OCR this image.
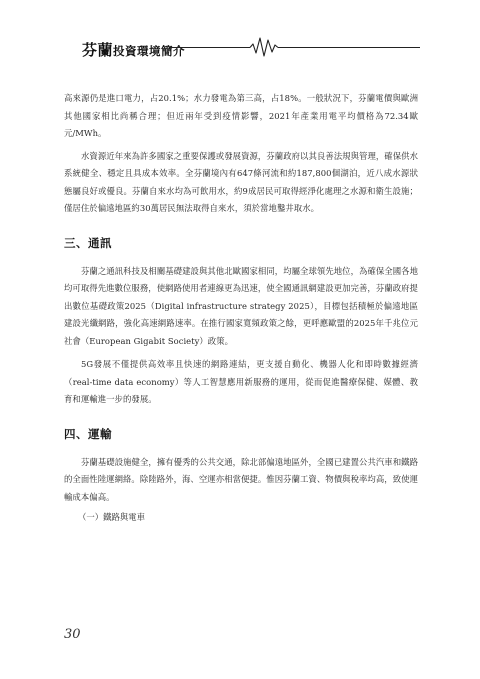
芬蘭投資環境簡介

高來源仍是進口電力，占20.1%；水力發電為第三高，占18%。一般狀況下，芬蘭電價與歐洲其他國家相比尚稱合理；但近兩年受到疫情影響，2021年產業用電平均價格為72.34歐元/MWh。

水資源近年來為許多國家之重要保護或發展資源，芬蘭政府以其良善法規與管理，確保供水系統健全、穩定且具成本效率。全芬蘭境內有647條河流和約187,800個湖泊，近八成水源狀態屬良好或優良。芬蘭自來水均為可飲用水，約9成居民可取得經淨化處理之水源和衛生設施；僅居住於偏遠地區約30萬居民無法取得自來水，須於當地鑿井取水。

三、通訊

芬蘭之通訊科技及相關基礎建設與其他北歐國家相同，均屬全球領先地位，為確保全國各地均可取得先進數位服務，使網路使用者連線更為迅速，使全國通訊網建設更加完善，芬蘭政府提出數位基礎政策2025（Digital infrastructure strategy 2025），目標包括積極於偏遠地區建設光纖網路，強化高速網路速率。在推行國家寬頻政策之餘，更呼應歐盟的2025年千兆位元社會（European Gigabit Society）政策。

5G發展不僅提供高效率且快速的網路連結，更支援自動化、機器人化和即時數據經濟（real-time data economy）等人工智慧應用新服務的運用，從而促進醫療保健、媒體、教育和運輸進一步的發展。

四、運輸

芬蘭基礎設施健全，擁有優秀的公共交通，除北部偏遠地區外，全國已建置公共汽車和鐵路的全面性陸運網絡。除陸路外，海、空運亦相當便捷。惟因芬蘭工資、物價與稅率均高，致使運輸成本偏高。

（一）鐵路與電車

30
